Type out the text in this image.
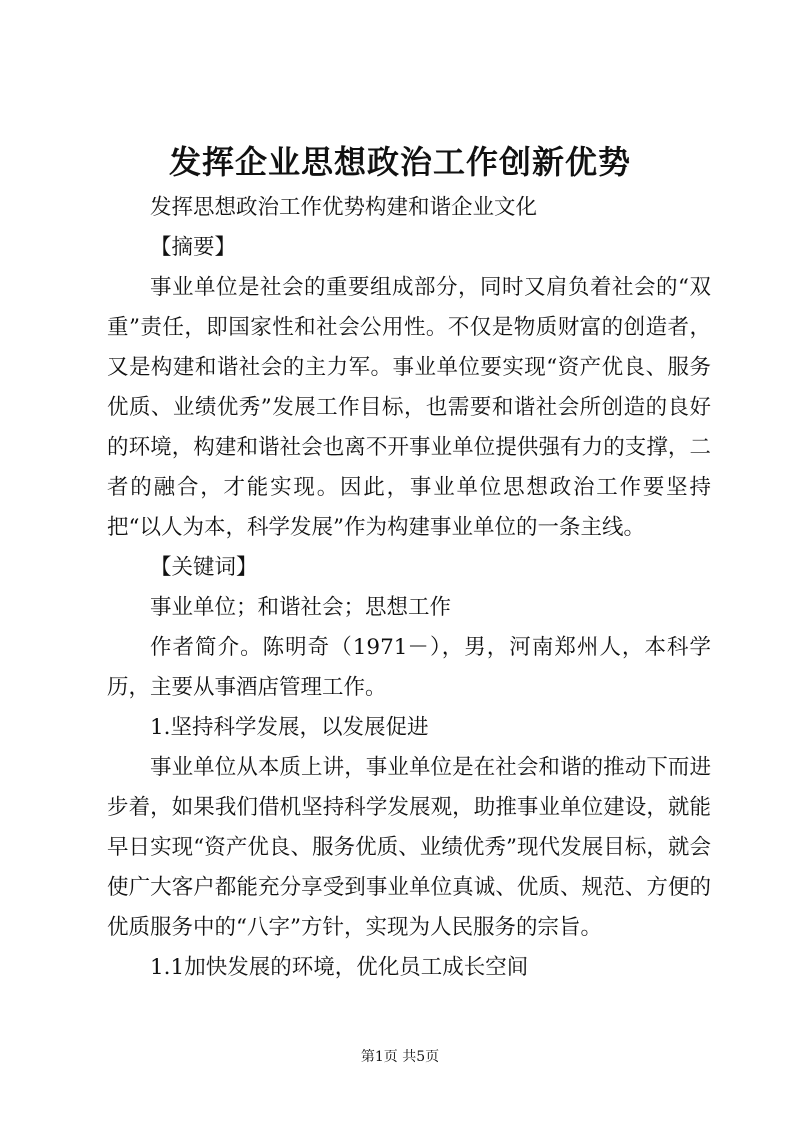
发挥企业思想政治工作创新优势

发挥思想政治工作优势构建和谐企业文化

【摘要】

事业单位是社会的重要组成部分，同时又肩负着社会的“双重”责任，即国家性和社会公用性。不仅是物质财富的创造者，又是构建和谐社会的主力军。事业单位要实现“资产优良、服务优质、业绩优秀”发展工作目标，也需要和谐社会所创造的良好的环境，构建和谐社会也离不开事业单位提供强有力的支撑，二者的融合，才能实现。因此，事业单位思想政治工作要坚持把“以人为本，科学发展”作为构建事业单位的一条主线。

【关键词】

事业单位；和谐社会；思想工作

作者简介。陈明奇（1971－），男，河南郑州人，本科学历，主要从事酒店管理工作。

1.坚持科学发展，以发展促进

事业单位从本质上讲，事业单位是在社会和谐的推动下而进步着，如果我们借机坚持科学发展观，助推事业单位建设，就能早日实现“资产优良、服务优质、业绩优秀”现代发展目标，就会使广大客户都能充分享受到事业单位真诚、优质、规范、方便的优质服务中的“八字”方针，实现为人民服务的宗旨。

1.1加快发展的环境，优化员工成长空间

第1页 共5页
